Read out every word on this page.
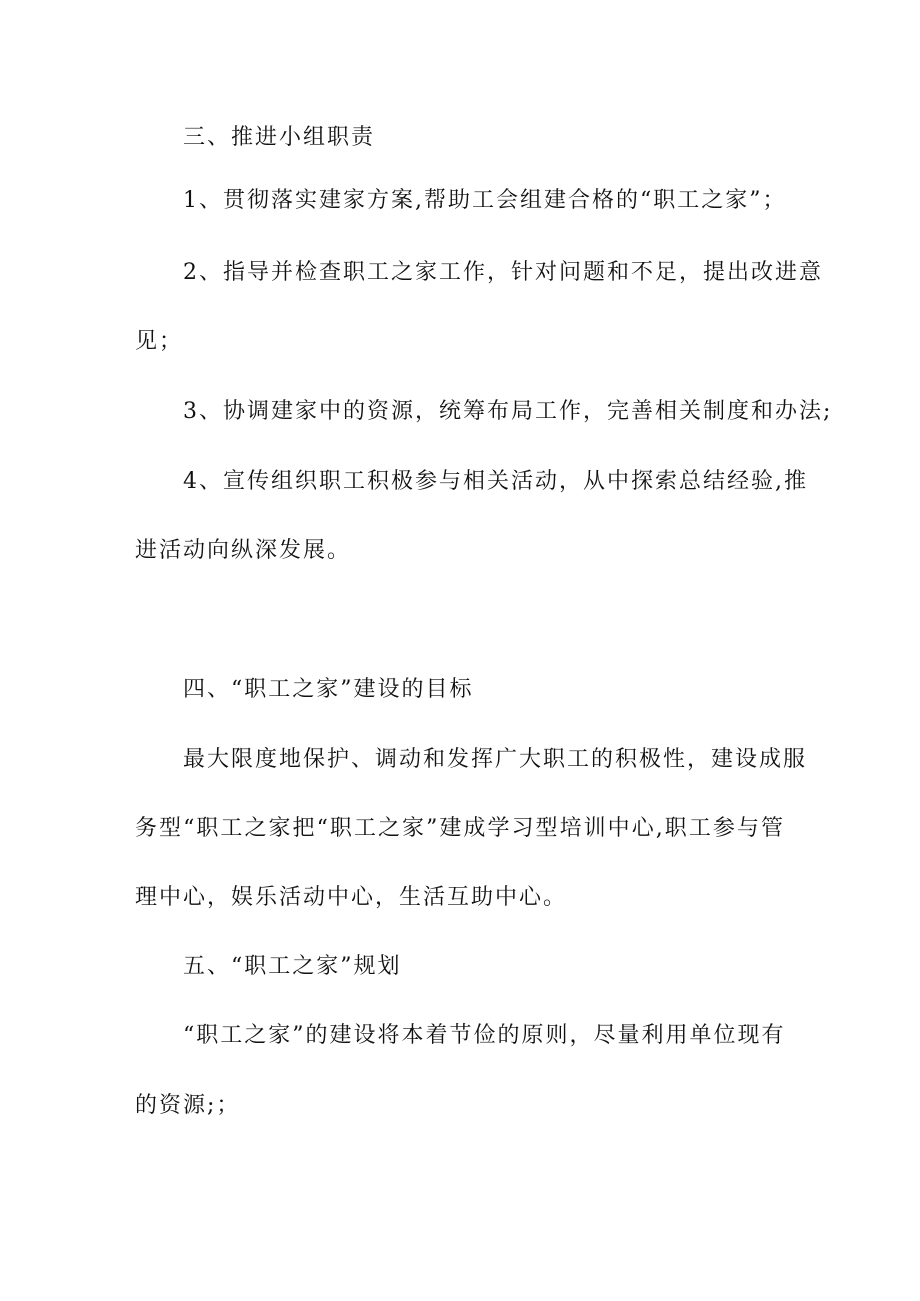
三、推进小组职责
1、贯彻落实建家方案,帮助工会组建合格的“职工之家”；
2、指导并检查职工之家工作，针对问题和不足，提出改进意
见；
3、协调建家中的资源，统筹布局工作，完善相关制度和办法;
4、宣传组织职工积极参与相关活动，从中探索总结经验,推
进活动向纵深发展。
四、“职工之家”建设的目标
最大限度地保护、调动和发挥广大职工的积极性，建设成服
务型“职工之家把“职工之家”建成学习型培训中心,职工参与管
理中心，娱乐活动中心，生活互助中心。
五、“职工之家”规划
“职工之家”的建设将本着节俭的原则，尽量利用单位现有
的资源;；
